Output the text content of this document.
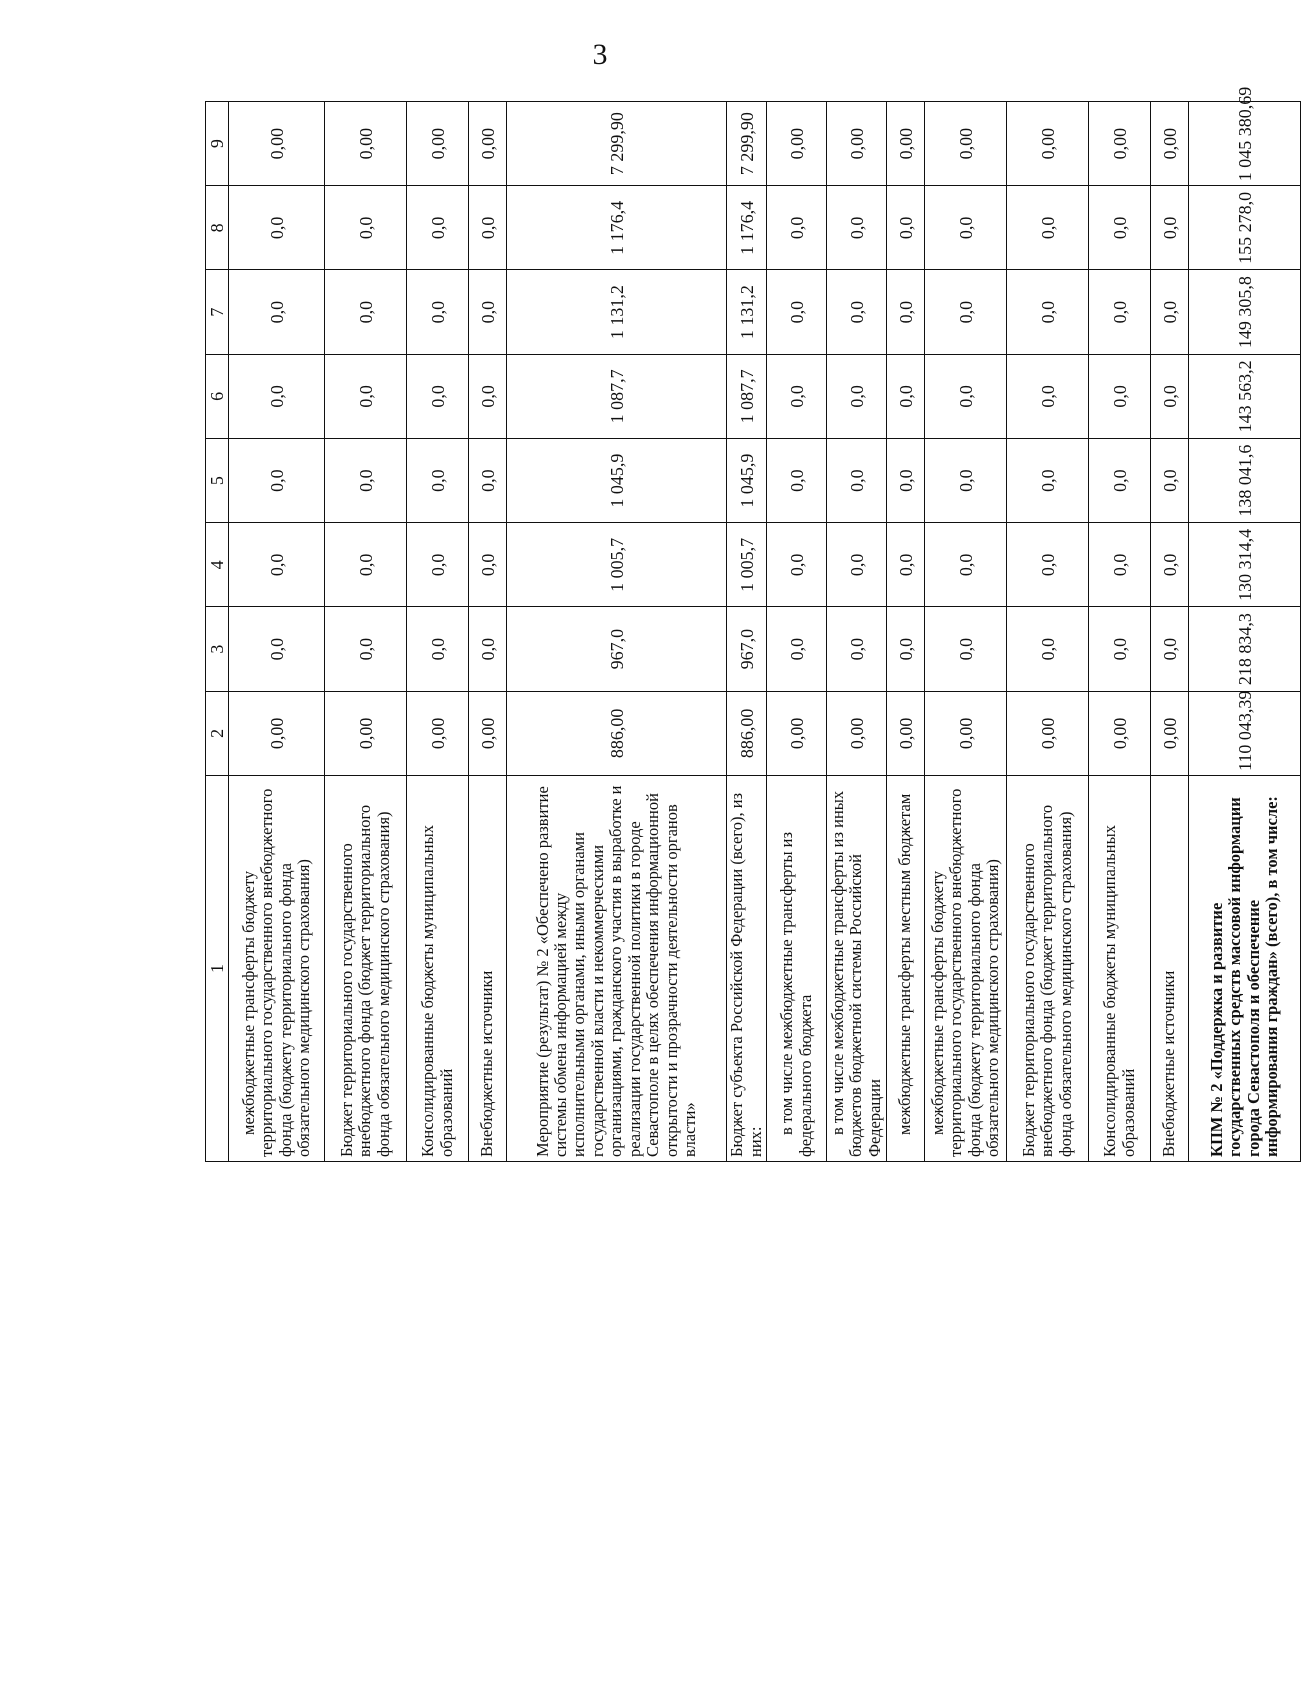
3
1	2	3	4	5	6	7	8	9
межбюджетные трансферты бюджету территориального государственного внебюджетного фонда (бюджету территориального фонда обязательного медицинского страхования)	0,00	0,0	0,0	0,0	0,0	0,0	0,0	0,00
Бюджет территориального государственного внебюджетного фонда (бюджет территориального фонда обязательного медицинского страхования)	0,00	0,0	0,0	0,0	0,0	0,0	0,0	0,00
Консолидированные бюджеты муниципальных образований	0,00	0,0	0,0	0,0	0,0	0,0	0,0	0,00
Внебюджетные источники	0,00	0,0	0,0	0,0	0,0	0,0	0,0	0,00
Мероприятие (результат) № 2 «Обеспечено развитие системы обмена информацией между исполнительными органами, иными органами государственной власти и некоммерческими организациями, гражданского участия в выработке и реализации государственной политики в городе Севастополе в целях обеспечения информационной открытости и прозрачности деятельности органов власти»	886,00	967,0	1 005,7	1 045,9	1 087,7	1 131,2	1 176,4	7 299,90
Бюджет субъекта Российской Федерации (всего), из них:	886,00	967,0	1 005,7	1 045,9	1 087,7	1 131,2	1 176,4	7 299,90
в том числе межбюджетные трансферты из федерального бюджета	0,00	0,0	0,0	0,0	0,0	0,0	0,0	0,00
в том числе межбюджетные трансферты из иных бюджетов бюджетной системы Российской Федерации	0,00	0,0	0,0	0,0	0,0	0,0	0,0	0,00
межбюджетные трансферты местным бюджетам	0,00	0,0	0,0	0,0	0,0	0,0	0,0	0,00
межбюджетные трансферты бюджету территориального государственного внебюджетного фонда (бюджету территориального фонда обязательного медицинского страхования)	0,00	0,0	0,0	0,0	0,0	0,0	0,0	0,00
Бюджет территориального государственного внебюджетного фонда (бюджет территориального фонда обязательного медицинского страхования)	0,00	0,0	0,0	0,0	0,0	0,0	0,0	0,00
Консолидированные бюджеты муниципальных образований	0,00	0,0	0,0	0,0	0,0	0,0	0,0	0,00
Внебюджетные источники	0,00	0,0	0,0	0,0	0,0	0,0	0,0	0,00
КПМ № 2 «Поддержка и развитие государственных средств массовой информации города Севастополя и обеспечение информирования граждан» (всего), в том числе:	110 043,39	218 834,3	130 314,4	138 041,6	143 563,2	149 305,8	155 278,0	1 045 380,69
